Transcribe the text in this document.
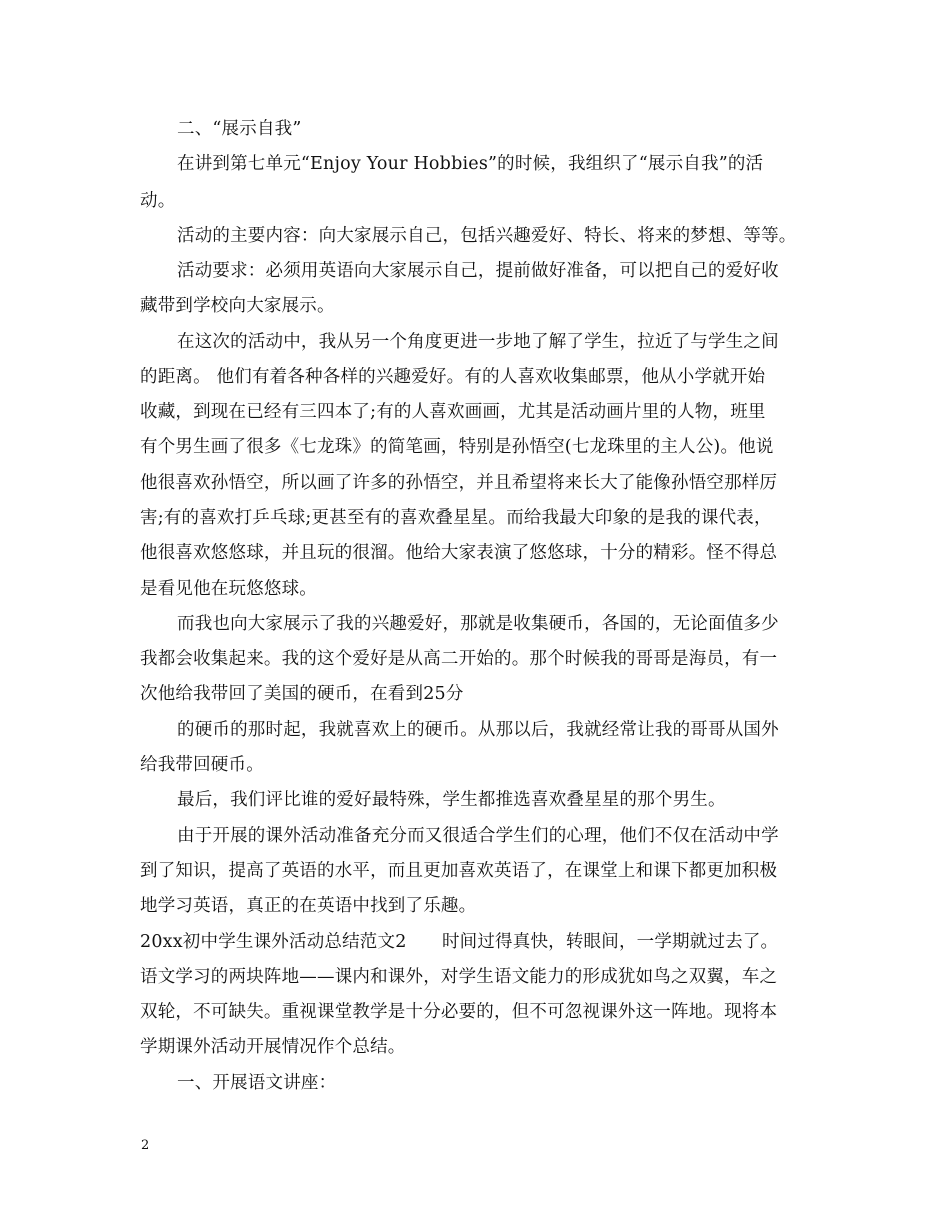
二、“展示自我”
在讲到第七单元“Enjoy Your Hobbies”的时候，我组织了“展示自我”的活
动。
活动的主要内容：向大家展示自己，包括兴趣爱好、特长、将来的梦想、等等。
活动要求：必须用英语向大家展示自己，提前做好准备，可以把自己的爱好收
藏带到学校向大家展示。
在这次的活动中，我从另一个角度更进一步地了解了学生，拉近了与学生之间
的距离。 他们有着各种各样的兴趣爱好。有的人喜欢收集邮票，他从小学就开始
收藏，到现在已经有三四本了;有的人喜欢画画，尤其是活动画片里的人物，班里
有个男生画了很多《七龙珠》的简笔画，特别是孙悟空(七龙珠里的主人公)。他说
他很喜欢孙悟空，所以画了许多的孙悟空，并且希望将来长大了能像孙悟空那样厉
害;有的喜欢打乒乓球;更甚至有的喜欢叠星星。而给我最大印象的是我的课代表，
他很喜欢悠悠球，并且玩的很溜。他给大家表演了悠悠球，十分的精彩。怪不得总
是看见他在玩悠悠球。
而我也向大家展示了我的兴趣爱好，那就是收集硬币，各国的，无论面值多少
我都会收集起来。我的这个爱好是从高二开始的。那个时候我的哥哥是海员，有一
次他给我带回了美国的硬币，在看到25分
的硬币的那时起，我就喜欢上的硬币。从那以后，我就经常让我的哥哥从国外
给我带回硬币。
最后，我们评比谁的爱好最特殊，学生都推选喜欢叠星星的那个男生。
由于开展的课外活动准备充分而又很适合学生们的心理，他们不仅在活动中学
到了知识，提高了英语的水平，而且更加喜欢英语了，在课堂上和课下都更加积极
地学习英语，真正的在英语中找到了乐趣。
20xx初中学生课外活动总结范文2　　时间过得真快，转眼间，一学期就过去了。
语文学习的两块阵地——课内和课外，对学生语文能力的形成犹如鸟之双翼，车之
双轮，不可缺失。重视课堂教学是十分必要的，但不可忽视课外这一阵地。现将本
学期课外活动开展情况作个总结。
一、开展语文讲座：
2
